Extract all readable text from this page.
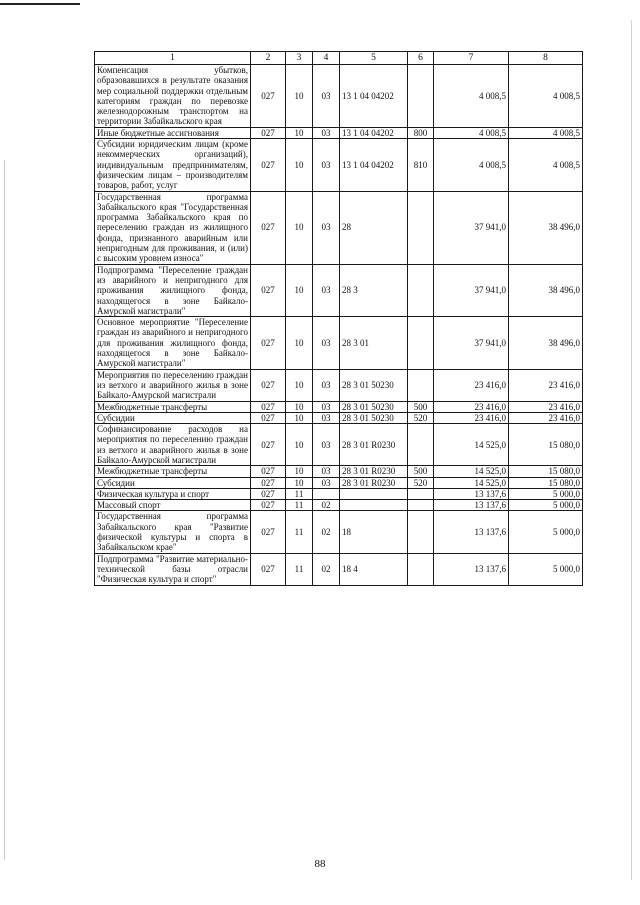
1	2	3	4	5	6	7	8
Компенсация убытков, образовавшихся в результате оказания мер социальной поддержки отдельным категориям граждан по перевозке железнодорожным транспортом на территории Забайкальского края	027	10	03	13 1 04 04202		4 008,5	4 008,5
Иные бюджетные ассигнования	027	10	03	13 1 04 04202	800	4 008,5	4 008,5
Субсидии юридическим лицам (кроме некоммерческих организаций), индивидуальным предпринимателям, физическим лицам – производителям товаров, работ, услуг	027	10	03	13 1 04 04202	810	4 008,5	4 008,5
Государственная программа Забайкальского края "Государственная программа Забайкальского края по переселению граждан из жилищного фонда, признанного аварийным или непригодным для проживания, и (или) с высоким уровнем износа"	027	10	03	28		37 941,0	38 496,0
Подпрограмма "Переселение граждан из аварийного и непригодного для проживания жилищного фонда, находящегося в зоне Байкало-Амурской магистрали"	027	10	03	28 3		37 941,0	38 496,0
Основное мероприятие "Переселение граждан из аварийного и непригодного для проживания жилищного фонда, находящегося в зоне Байкало-Амурской магистрали"	027	10	03	28 3 01		37 941,0	38 496,0
Мероприятия по переселению граждан из ветхого и аварийного жилья в зоне Байкало-Амурской магистрали	027	10	03	28 3 01 50230		23 416,0	23 416,0
Межбюджетные трансферты	027	10	03	28 3 01 50230	500	23 416,0	23 416,0
Субсидии	027	10	03	28 3 01 50230	520	23 416,0	23 416,0
Софинансирование расходов на мероприятия по переселению граждан из ветхого и аварийного жилья в зоне Байкало-Амурской магистрали	027	10	03	28 3 01 R0230		14 525,0	15 080,0
Межбюджетные трансферты	027	10	03	28 3 01 R0230	500	14 525,0	15 080,0
Субсидии	027	10	03	28 3 01 R0230	520	14 525,0	15 080,0
Физическая культура и спорт	027	11				13 137,6	5 000,0
Массовый спорт	027	11	02			13 137,6	5 000,0
Государственная программа Забайкальского края "Развитие физической культуры и спорта в Забайкальском крае"	027	11	02	18		13 137,6	5 000,0
Подпрограмма "Развитие материально-технической базы отрасли "Физическая культура и спорт"	027	11	02	18 4		13 137,6	5 000,0
88
